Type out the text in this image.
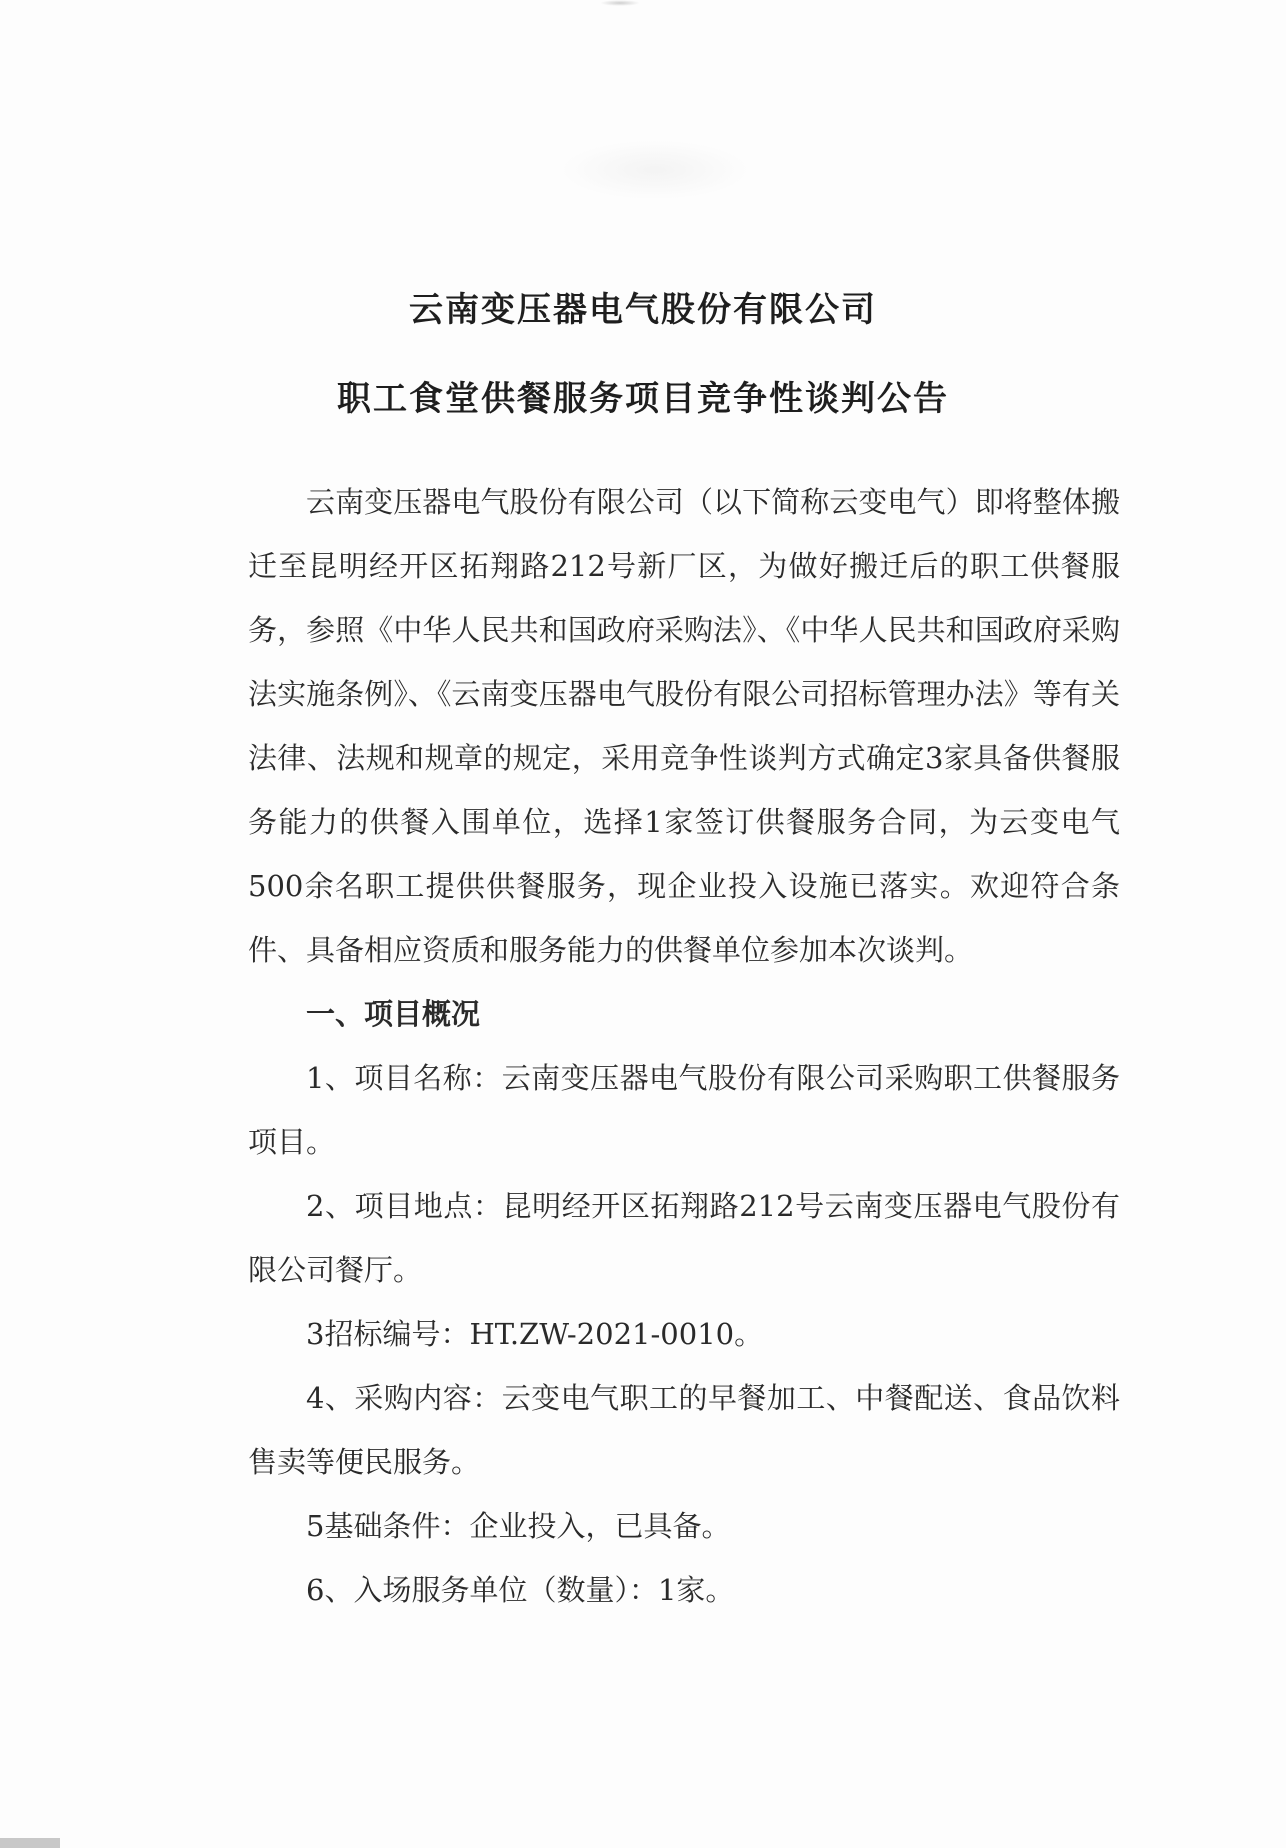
云南变压器电气股份有限公司
职工食堂供餐服务项目竞争性谈判公告

云南变压器电气股份有限公司（以下简称云变电气）即将整体搬迁至昆明经开区拓翔路212号新厂区，为做好搬迁后的职工供餐服务，参照《中华人民共和国政府采购法》、《中华人民共和国政府采购法实施条例》、《云南变压器电气股份有限公司招标管理办法》等有关法律、法规和规章的规定，采用竞争性谈判方式确定3家具备供餐服务能力的供餐入围单位，选择1家签订供餐服务合同，为云变电气500余名职工提供供餐服务，现企业投入设施已落实。欢迎符合条件、具备相应资质和服务能力的供餐单位参加本次谈判。

一、项目概况

1、项目名称：云南变压器电气股份有限公司采购职工供餐服务项目。

2、项目地点：昆明经开区拓翔路212号云南变压器电气股份有限公司餐厅。

3招标编号：HT.ZW-2021-0010。

4、采购内容：云变电气职工的早餐加工、中餐配送、食品饮料售卖等便民服务。

5基础条件：企业投入，已具备。

6、入场服务单位（数量）：1家。
